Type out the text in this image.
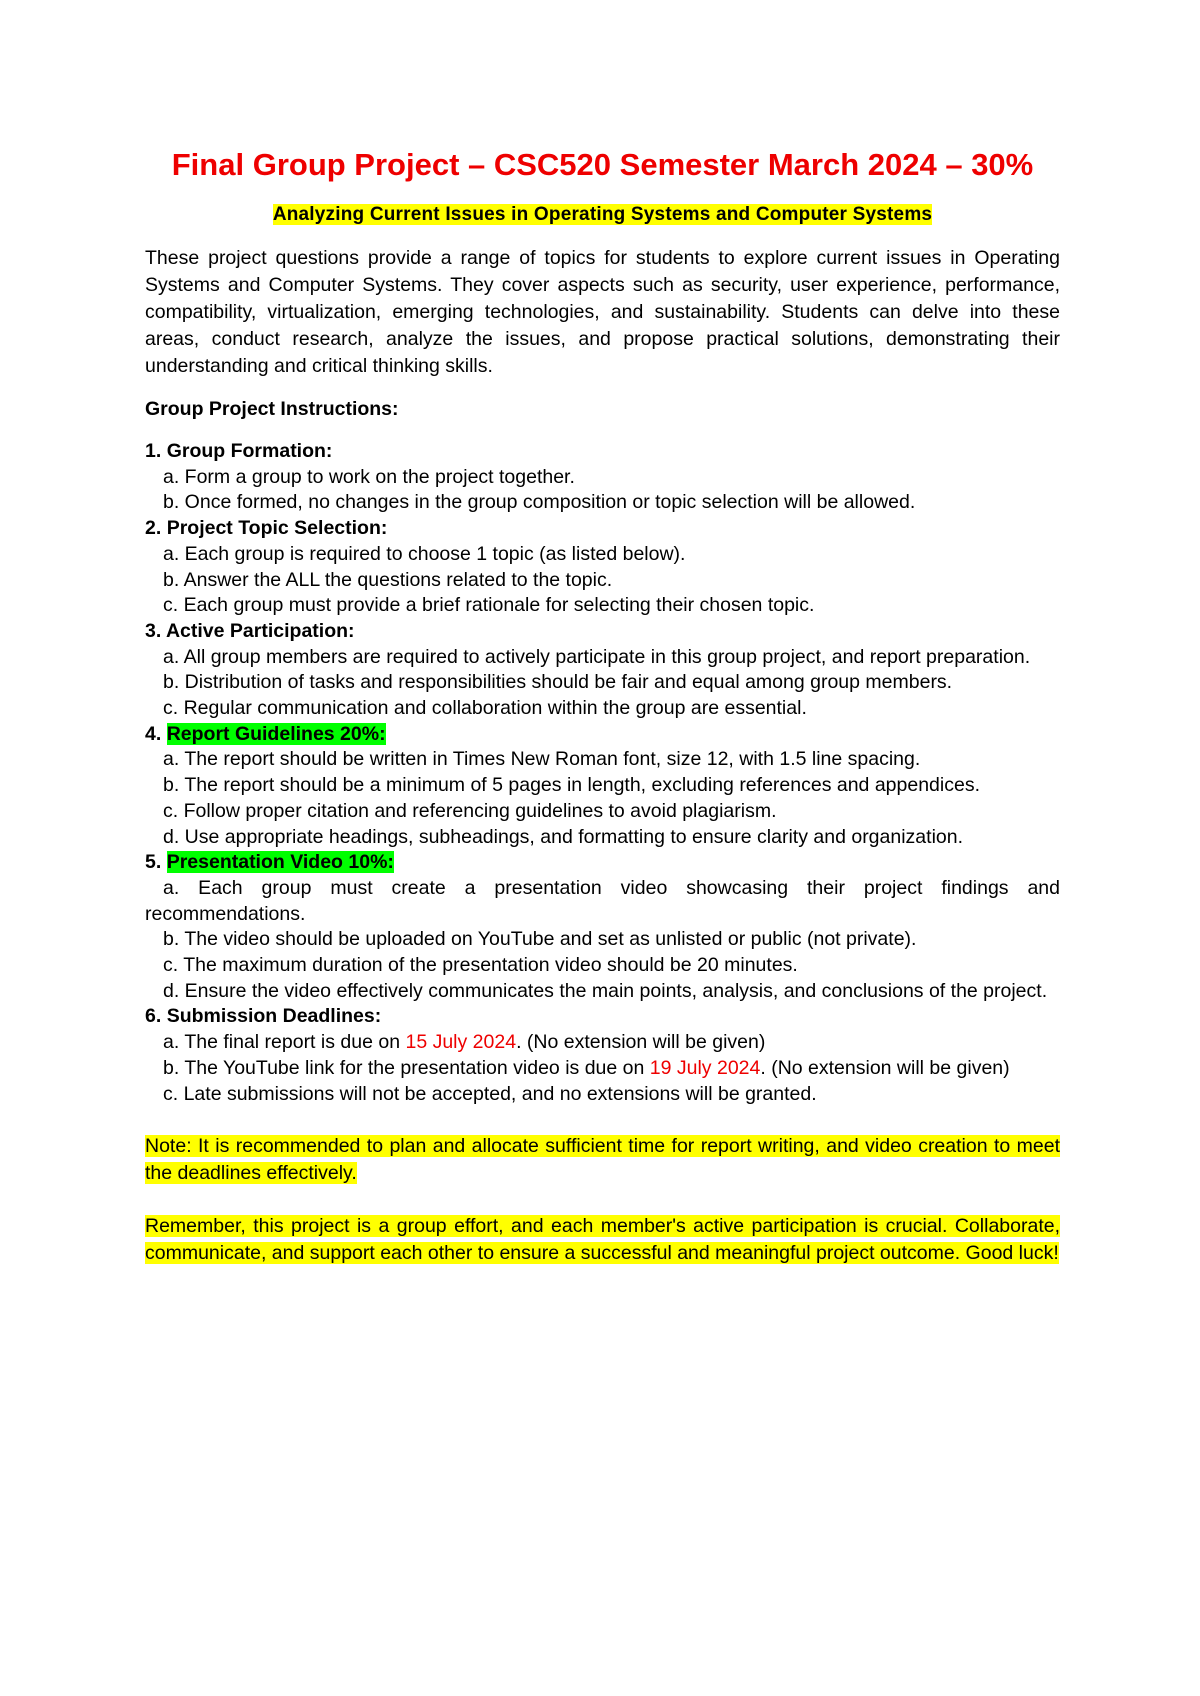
Final Group Project – CSC520 Semester March 2024 – 30%
Analyzing Current Issues in Operating Systems and Computer Systems

These project questions provide a range of topics for students to explore current issues in Operating Systems and Computer Systems. They cover aspects such as security, user experience, performance, compatibility, virtualization, emerging technologies, and sustainability. Students can delve into these areas, conduct research, analyze the issues, and propose practical solutions, demonstrating their understanding and critical thinking skills.

Group Project Instructions:

1. Group Formation:

a. Form a group to work on the project together.

b. Once formed, no changes in the group composition or topic selection will be allowed.

2. Project Topic Selection:

a. Each group is required to choose 1 topic (as listed below).

b. Answer the ALL the questions related to the topic.

c. Each group must provide a brief rationale for selecting their chosen topic.

3. Active Participation:

a. All group members are required to actively participate in this group project, and report preparation.

b. Distribution of tasks and responsibilities should be fair and equal among group members.

c. Regular communication and collaboration within the group are essential.

4. Report Guidelines 20%:

a. The report should be written in Times New Roman font, size 12, with 1.5 line spacing.

b. The report should be a minimum of 5 pages in length, excluding references and appendices.

c. Follow proper citation and referencing guidelines to avoid plagiarism.

d. Use appropriate headings, subheadings, and formatting to ensure clarity and organization.

5. Presentation Video 10%:

a. Each group must create a presentation video showcasing their project findings and recommendations.

b. The video should be uploaded on YouTube and set as unlisted or public (not private).

c. The maximum duration of the presentation video should be 20 minutes.

d. Ensure the video effectively communicates the main points, analysis, and conclusions of the project.

6. Submission Deadlines:

a. The final report is due on 15 July 2024. (No extension will be given)

b. The YouTube link for the presentation video is due on 19 July 2024. (No extension will be given)

c. Late submissions will not be accepted, and no extensions will be granted.

Note: It is recommended to plan and allocate sufficient time for report writing, and video creation to meet the deadlines effectively.

Remember, this project is a group effort, and each member's active participation is crucial. Collaborate, communicate, and support each other to ensure a successful and meaningful project outcome. Good luck!
